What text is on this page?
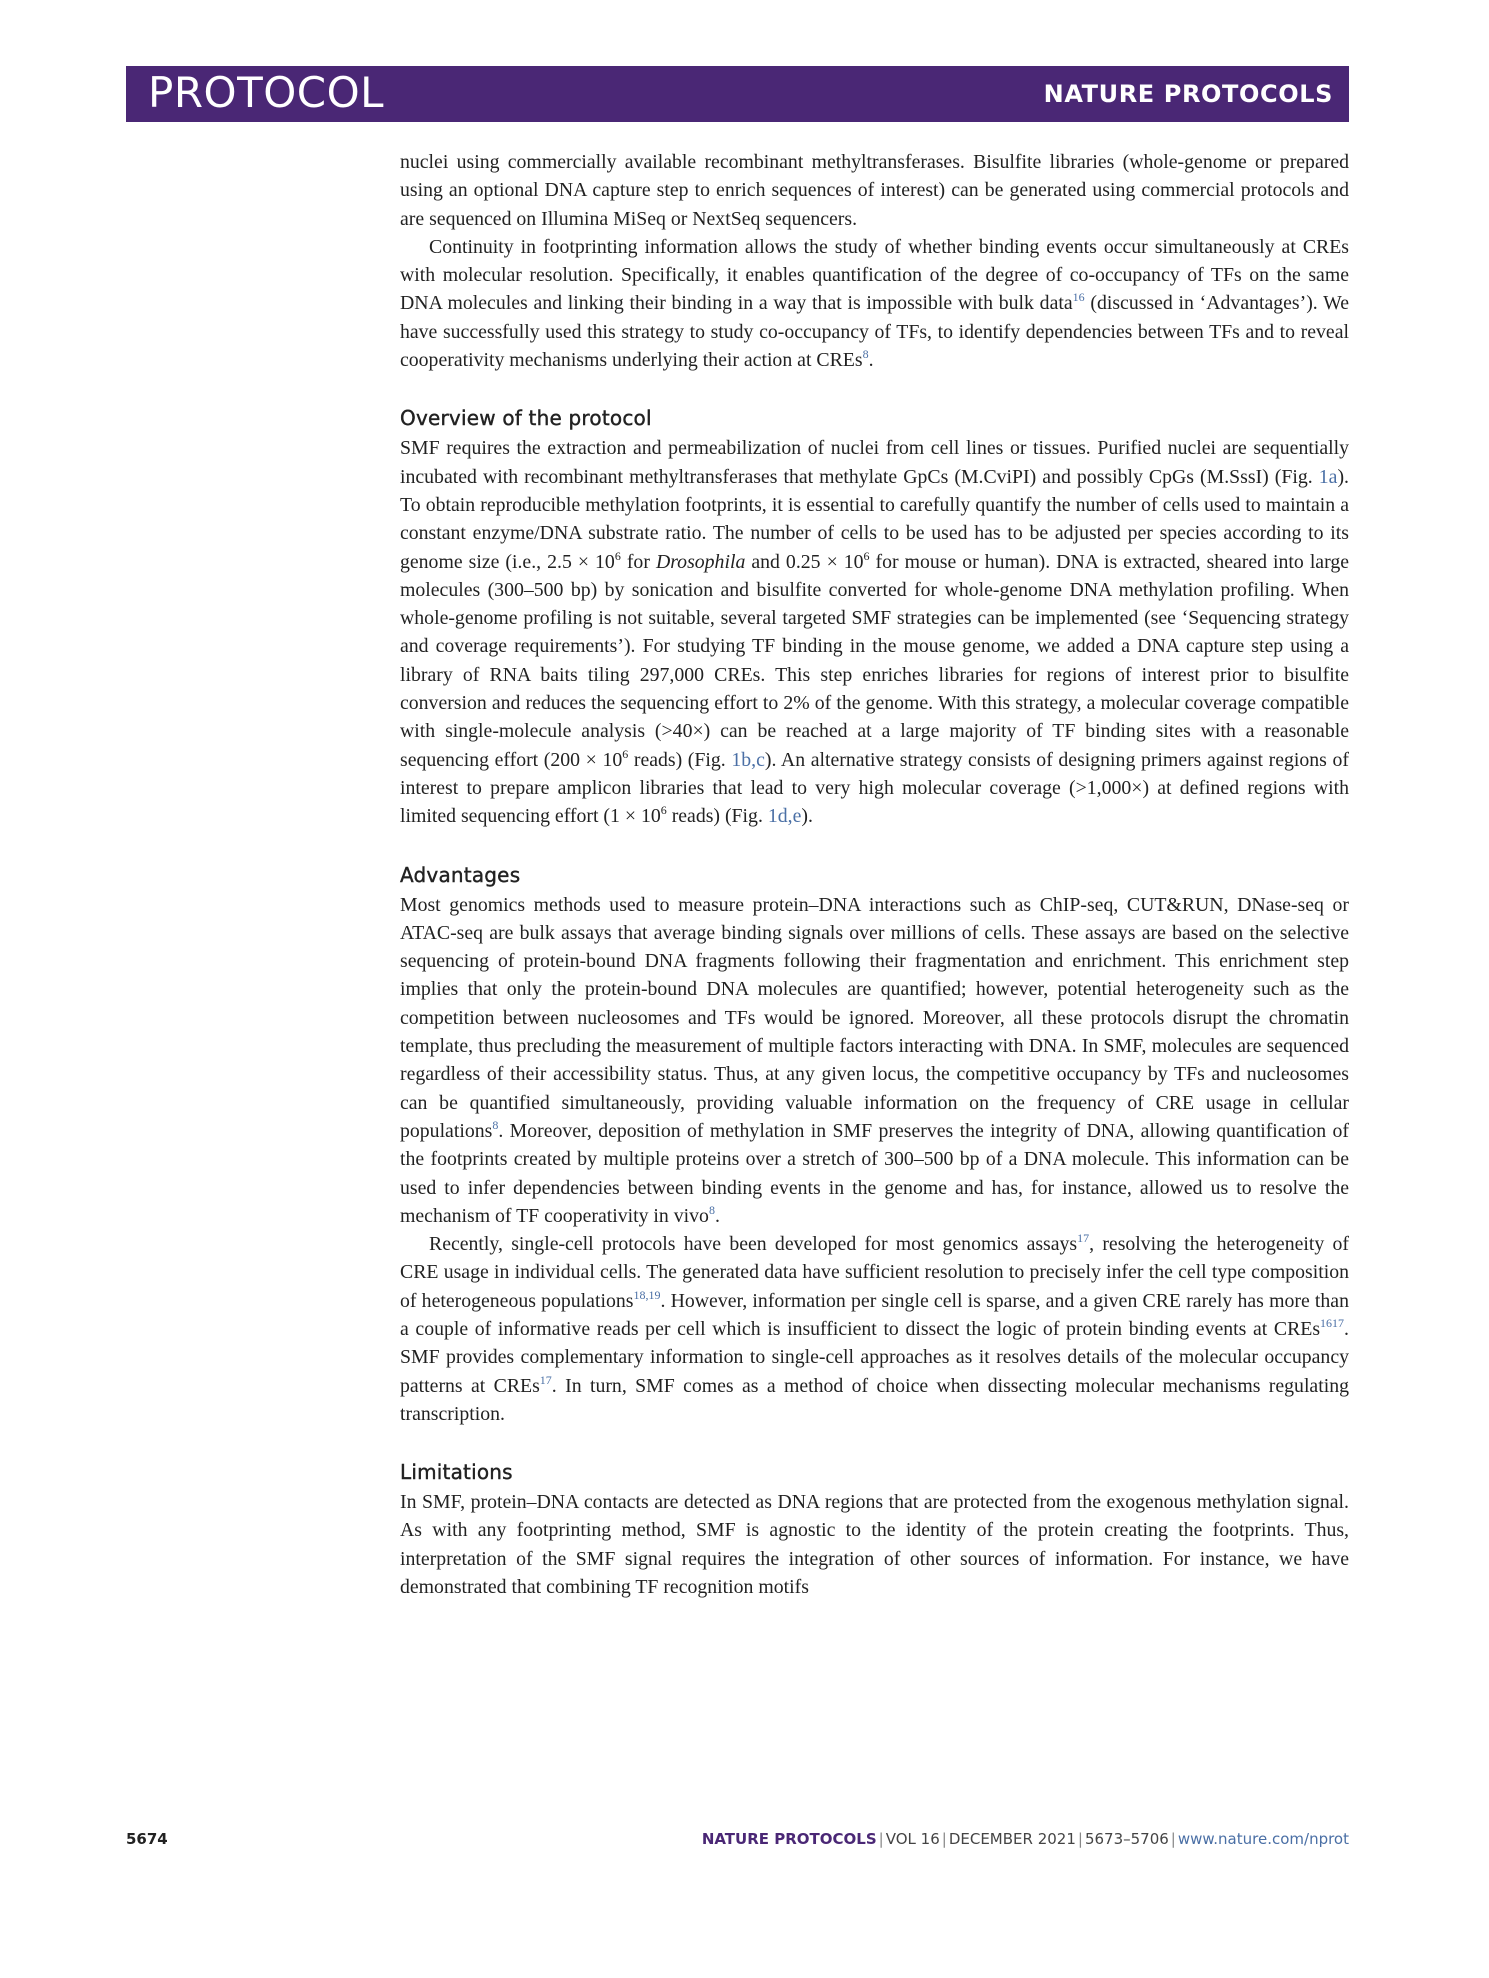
PROTOCOL	NATURE PROTOCOLS

nuclei using commercially available recombinant methyltransferases. Bisulfite libraries (whole-genome or prepared using an optional DNA capture step to enrich sequences of interest) can be generated using commercial protocols and are sequenced on Illumina MiSeq or NextSeq sequencers.

Continuity in footprinting information allows the study of whether binding events occur simultaneously at CREs with molecular resolution. Specifically, it enables quantification of the degree of co-occupancy of TFs on the same DNA molecules and linking their binding in a way that is impossible with bulk data$^{16}$ (discussed in ‘Advantages’). We have successfully used this strategy to study co-occupancy of TFs, to identify dependencies between TFs and to reveal cooperativity mechanisms underlying their action at CREs$^8$.

Overview of the protocol

SMF requires the extraction and permeabilization of nuclei from cell lines or tissues. Purified nuclei are sequentially incubated with recombinant methyltransferases that methylate GpCs (M.CviPI) and possibly CpGs (M.SssI) (Fig. 1a). To obtain reproducible methylation footprints, it is essential to carefully quantify the number of cells used to maintain a constant enzyme/DNA substrate ratio. The number of cells to be used has to be adjusted per species according to its genome size (i.e., $2.5 \times 10^6$ for Drosophila and $0.25 \times 10^6$ for mouse or human). DNA is extracted, sheared into large molecules (300–500 bp) by sonication and bisulfite converted for whole-genome DNA methylation profiling. When whole-genome profiling is not suitable, several targeted SMF strategies can be implemented (see ‘Sequencing strategy and coverage requirements’). For studying TF binding in the mouse genome, we added a DNA capture step using a library of RNA baits tiling 297,000 CREs. This step enriches libraries for regions of interest prior to bisulfite conversion and reduces the sequencing effort to 2% of the genome. With this strategy, a molecular coverage compatible with single-molecule analysis (>40×) can be reached at a large majority of TF binding sites with a reasonable sequencing effort ($200 \times 10^6$ reads) (Fig. 1b,c). An alternative strategy consists of designing primers against regions of interest to prepare amplicon libraries that lead to very high molecular coverage (>1,000×) at defined regions with limited sequencing effort ($1 \times 10^6$ reads) (Fig. 1d,e).

Advantages

Most genomics methods used to measure protein–DNA interactions such as ChIP-seq, CUT&RUN, DNase-seq or ATAC-seq are bulk assays that average binding signals over millions of cells. These assays are based on the selective sequencing of protein-bound DNA fragments following their fragmentation and enrichment. This enrichment step implies that only the protein-bound DNA molecules are quantified; however, potential heterogeneity such as the competition between nucleosomes and TFs would be ignored. Moreover, all these protocols disrupt the chromatin template, thus precluding the measurement of multiple factors interacting with DNA. In SMF, molecules are sequenced regardless of their accessibility status. Thus, at any given locus, the competitive occupancy by TFs and nucleosomes can be quantified simultaneously, providing valuable information on the frequency of CRE usage in cellular populations$^8$. Moreover, deposition of methylation in SMF preserves the integrity of DNA, allowing quantification of the footprints created by multiple proteins over a stretch of 300–500 bp of a DNA molecule. This information can be used to infer dependencies between binding events in the genome and has, for instance, allowed us to resolve the mechanism of TF cooperativity in vivo$^8$.

Recently, single-cell protocols have been developed for most genomics assays$^{17}$, resolving the heterogeneity of CRE usage in individual cells. The generated data have sufficient resolution to precisely infer the cell type composition of heterogeneous populations$^{18,19}$. However, information per single cell is sparse, and a given CRE rarely has more than a couple of informative reads per cell which is insufficient to dissect the logic of protein binding events at CREs$^{1617}$. SMF provides complementary information to single-cell approaches as it resolves details of the molecular occupancy patterns at CREs$^{17}$. In turn, SMF comes as a method of choice when dissecting molecular mechanisms regulating transcription.

Limitations

In SMF, protein–DNA contacts are detected as DNA regions that are protected from the exogenous methylation signal. As with any footprinting method, SMF is agnostic to the identity of the protein creating the footprints. Thus, interpretation of the SMF signal requires the integration of other sources of information. For instance, we have demonstrated that combining TF recognition motifs

5674	NATURE PROTOCOLS | VOL 16 | DECEMBER 2021 | 5673–5706 | www.nature.com/nprot
